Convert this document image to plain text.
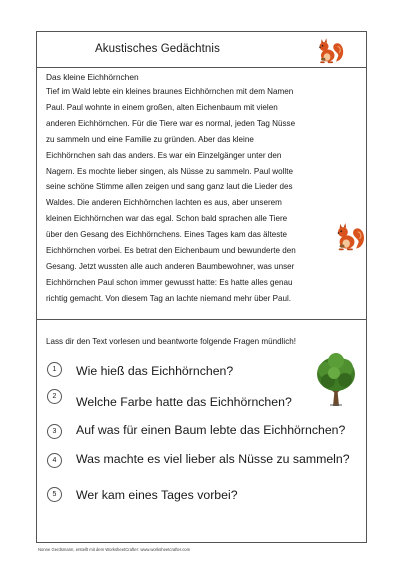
Akustisches Gedächtnis
Das kleine Eichhörnchen

Tief im Wald lebte ein kleines braunes Eichhörnchen mit dem Namen
Paul. Paul wohnte in einem großen, alten Eichenbaum mit vielen
anderen Eichhörnchen. Für die Tiere war es normal, jeden Tag Nüsse
zu sammeln und eine Familie zu gründen. Aber das kleine
Eichhörnchen sah das anders. Es war ein Einzelgänger unter den
Nagern. Es mochte lieber singen, als Nüsse zu sammeln. Paul wollte
seine schöne Stimme allen zeigen und sang ganz laut die Lieder des
Waldes. Die anderen Eichhörnchen lachten es aus, aber unserem
kleinen Eichhörnchen war das egal. Schon bald sprachen alle Tiere
über den Gesang des Eichhörnchens. Eines Tages kam das älteste
Eichhörnchen vorbei. Es betrat den Eichenbaum und bewunderte den
Gesang. Jetzt wussten alle auch anderen Baumbewohner, was unser
Eichhörnchen Paul schon immer gewusst hatte: Es hatte alles genau
richtig gemacht. Von diesem Tag an lachte niemand mehr über Paul.

Lass dir den Text vorlesen und beantworte folgende Fragen mündlich!
1	Wie hieß das Eichhörnchen?
2	Welche Farbe hatte das Eichhörnchen?
3	Auf was für einen Baum lebte das Eichhörnchen?
4	Was machte es viel lieber als Nüsse zu sammeln?
5	Wer kam eines Tages vorbei?
Nonne Gerdsmann, erstellt mit dem WorksheetCrafter: www.worksheetcrafter.com
